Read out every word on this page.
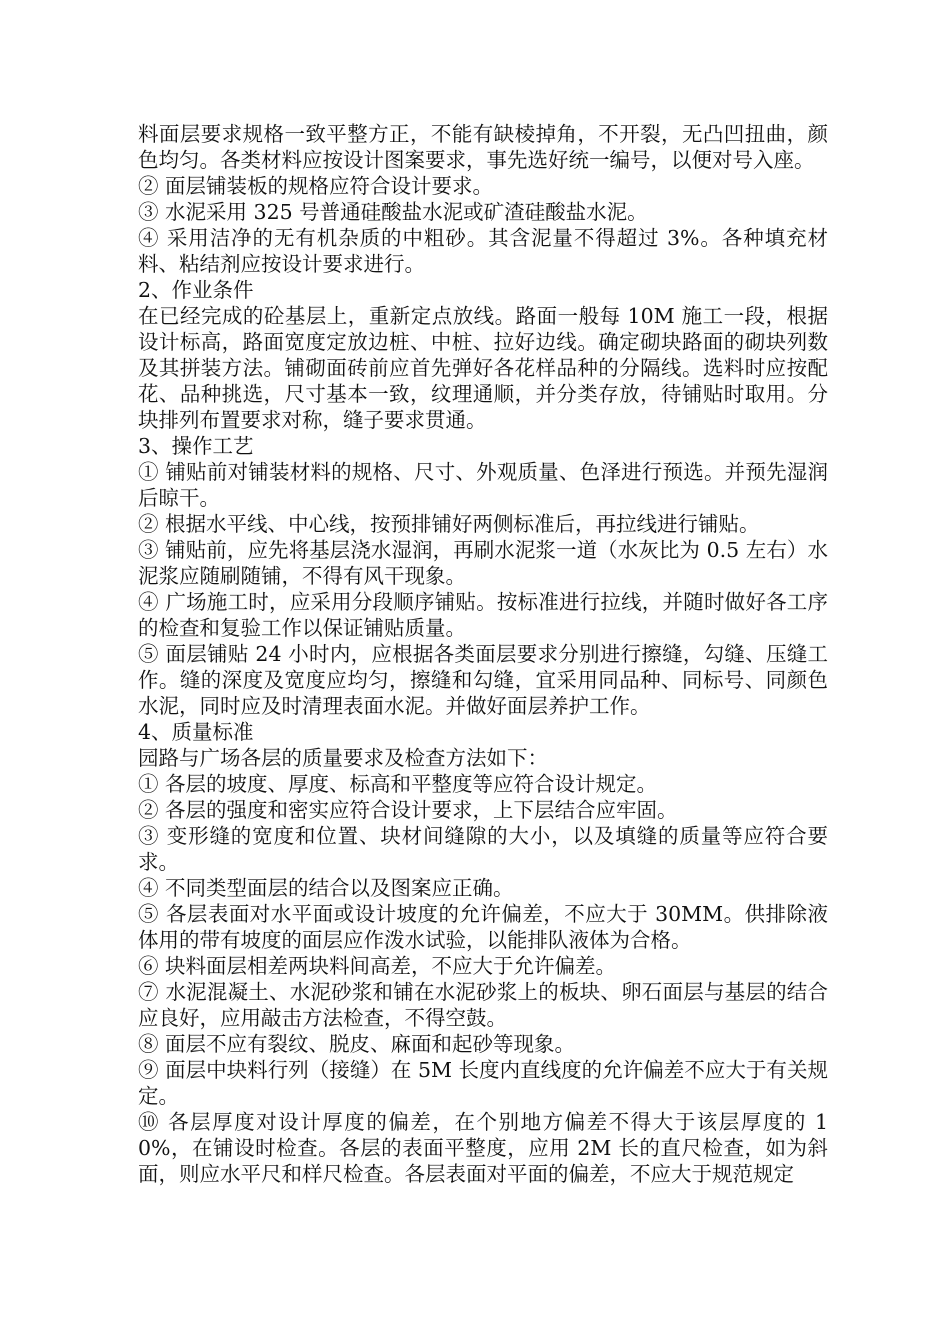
料面层要求规格一致平整方正，不能有缺棱掉角，不开裂，无凸凹扭曲，颜色均匀。各类材料应按设计图案要求，事先选好统一编号，以便对号入座。

② 面层铺装板的规格应符合设计要求。

③ 水泥采用 325 号普通硅酸盐水泥或矿渣硅酸盐水泥。

④ 采用洁净的无有机杂质的中粗砂。其含泥量不得超过 3%。各种填充材料、粘结剂应按设计要求进行。

2、作业条件

在已经完成的砼基层上，重新定点放线。路面一般每 10M 施工一段，根据设计标高，路面宽度定放边桩、中桩、拉好边线。确定砌块路面的砌块列数及其拼装方法。铺砌面砖前应首先弹好各花样品种的分隔线。选料时应按配花、品种挑选，尺寸基本一致，纹理通顺，并分类存放，待铺贴时取用。分块排列布置要求对称，缝子要求贯通。

3、操作工艺

① 铺贴前对铺装材料的规格、尺寸、外观质量、色泽进行预选。并预先湿润后晾干。

② 根据水平线、中心线，按预排铺好两侧标准后，再拉线进行铺贴。

③ 铺贴前，应先将基层浇水湿润，再刷水泥浆一道（水灰比为 0.5 左右）水泥浆应随刷随铺，不得有风干现象。

④ 广场施工时，应采用分段顺序铺贴。按标准进行拉线，并随时做好各工序的检查和复验工作以保证铺贴质量。

⑤ 面层铺贴 24 小时内，应根据各类面层要求分别进行擦缝，勾缝、压缝工作。缝的深度及宽度应均匀，擦缝和勾缝，宜采用同品种、同标号、同颜色水泥，同时应及时清理表面水泥。并做好面层养护工作。

4、质量标准

园路与广场各层的质量要求及检查方法如下：

① 各层的坡度、厚度、标高和平整度等应符合设计规定。

② 各层的强度和密实应符合设计要求，上下层结合应牢固。

③ 变形缝的宽度和位置、块材间缝隙的大小，以及填缝的质量等应符合要求。

④ 不同类型面层的结合以及图案应正确。

⑤ 各层表面对水平面或设计坡度的允许偏差，不应大于 30MM。供排除液体用的带有坡度的面层应作泼水试验，以能排队液体为合格。

⑥ 块料面层相差两块料间高差，不应大于允许偏差。

⑦ 水泥混凝土、水泥砂浆和铺在水泥砂浆上的板块、卵石面层与基层的结合应良好，应用敲击方法检查，不得空鼓。

⑧ 面层不应有裂纹、脱皮、麻面和起砂等现象。

⑨ 面层中块料行列（接缝）在 5M 长度内直线度的允许偏差不应大于有关规定。

⑩ 各层厚度对设计厚度的偏差，在个别地方偏差不得大于该层厚度的 10%，在铺设时检查。各层的表面平整度，应用 2M 长的直尺检查，如为斜面，则应水平尺和样尺检查。各层表面对平面的偏差，不应大于规范规定
